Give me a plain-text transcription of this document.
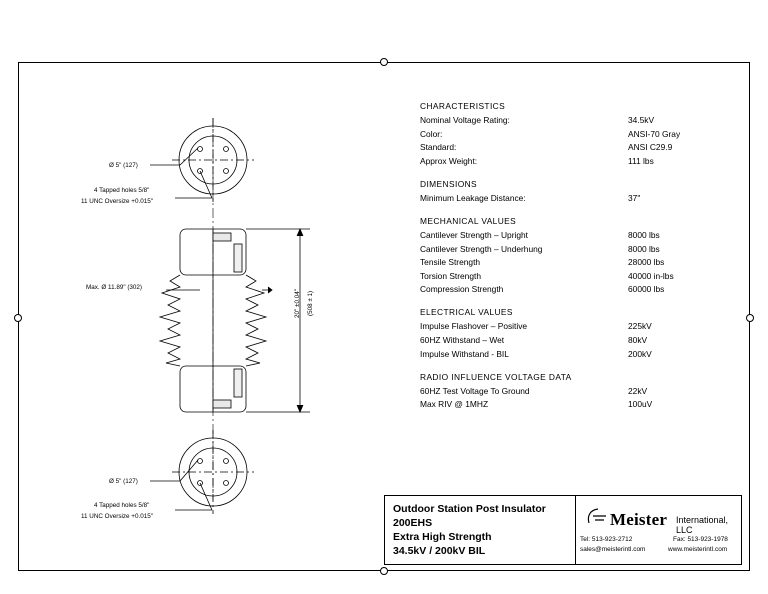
Ø 5" (127)
4 Tapped holes 5/8"
11 UNC Oversize +0.015"
Max. Ø 11.89" (302)
20" ±0.04" (508 ± 1)
Ø 5" (127)
4 Tapped holes 5/8"
11 UNC Oversize +0.015"
CHARACTERISTICS
Nominal Voltage Rating:	34.5kV
Color:	ANSI-70 Gray
Standard:	ANSI C29.9
Approx Weight:	111 lbs
DIMENSIONS
Minimum Leakage Distance:	37"
MECHANICAL VALUES
Cantilever Strength – Upright	8000 lbs
Cantilever Strength – Underhung	8000 lbs
Tensile Strength	28000 lbs
Torsion Strength	40000 in-lbs
Compression Strength	60000 lbs
ELECTRICAL VALUES
Impulse Flashover – Positive	225kV
60HZ Withstand – Wet	80kV
Impulse Withstand - BIL	200kV
RADIO INFLUENCE VOLTAGE DATA
60HZ Test Voltage To Ground	22kV
Max RIV @ 1MHZ	100uV
Outdoor Station Post Insulator
200EHS
Extra High Strength
34.5kV / 200kV BIL
Meister International, LLC
Tel: 513-923-2712	Fax: 513-923-1978
sales@meisterintl.com	www.meisterintl.com
